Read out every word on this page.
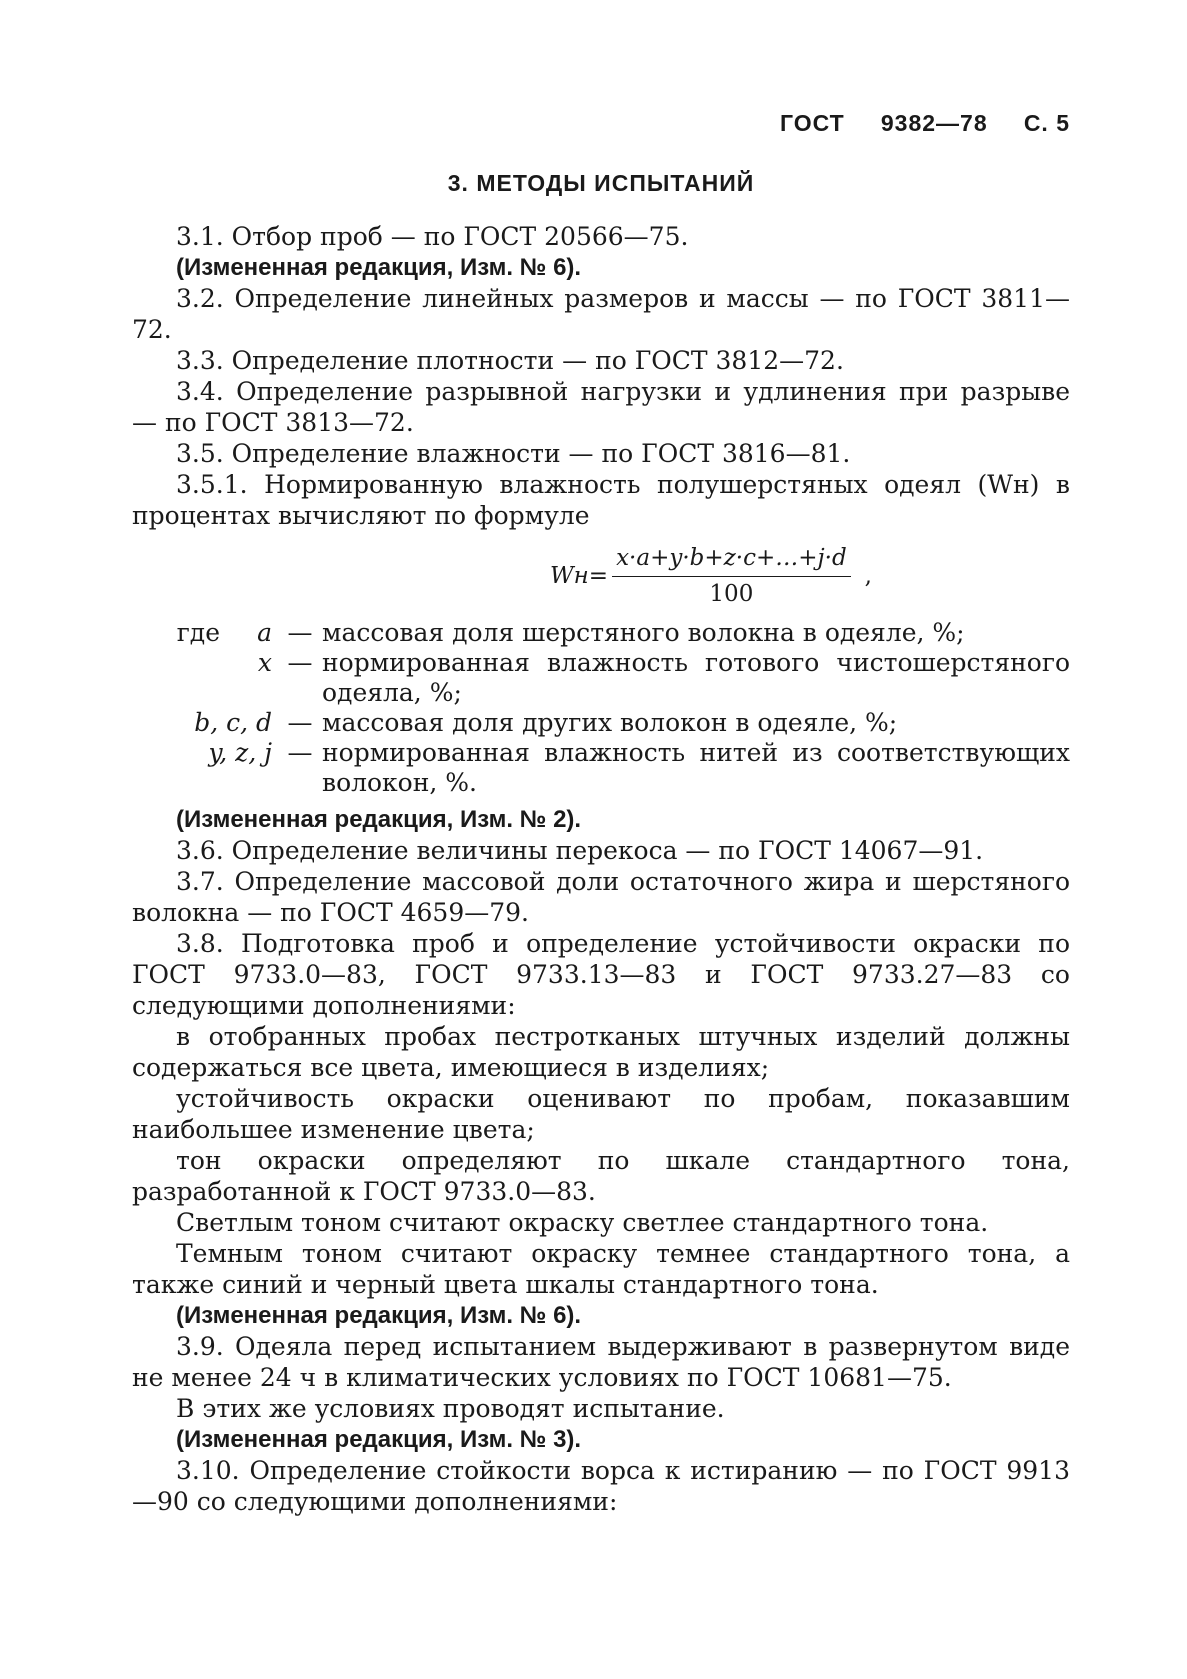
ГОСТ 9382—78 С. 5
3. МЕТОДЫ ИСПЫТАНИЙ

3.1. Отбор проб — по ГОСТ 20566—75.

(Измененная редакция, Изм. № 6).

3.2. Определение линейных размеров и массы — по ГОСТ 3811—72.

3.3. Определение плотности — по ГОСТ 3812—72.

3.4. Определение разрывной нагрузки и удлинения при разрыве — по ГОСТ 3813—72.

3.5. Определение влажности — по ГОСТ 3816—81.

3.5.1. Нормированную влажность полушерстяных одеял (Wн) в процентах вычисляют по формуле

$Wн= \frac{x\cdot a+y\cdot b+z\cdot c+\dots+j\cdot d}{100}$ ,
где	a	—	массовая доля шерстяного волокна в одеяле, %;
	x	—	нормированная влажность готового чистошерстяного одеяла, %;
b, c, d		—	массовая доля других волокон в одеяле, %;
y, z, j		—	нормированная влажность нитей из соответствующих волокон, %.

(Измененная редакция, Изм. № 2).

3.6. Определение величины перекоса — по ГОСТ 14067—91.

3.7. Определение массовой доли остаточного жира и шерстяного волокна — по ГОСТ 4659—79.

3.8. Подготовка проб и определение устойчивости окраски по ГОСТ 9733.0—83, ГОСТ 9733.13—83 и ГОСТ 9733.27—83 со следующими дополнениями:

в отобранных пробах пестротканых штучных изделий должны содержаться все цвета, имеющиеся в изделиях;

устойчивость окраски оценивают по пробам, показавшим наибольшее изменение цвета;

тон окраски определяют по шкале стандартного тона, разработанной к ГОСТ 9733.0—83.

Светлым тоном считают окраску светлее стандартного тона.

Темным тоном считают окраску темнее стандартного тона, а также синий и черный цвета шкалы стандартного тона.

(Измененная редакция, Изм. № 6).

3.9. Одеяла перед испытанием выдерживают в развернутом виде не менее 24 ч в климатических условиях по ГОСТ 10681—75.

В этих же условиях проводят испытание.

(Измененная редакция, Изм. № 3).

3.10. Определение стойкости ворса к истиранию — по ГОСТ 9913—90 со следующими дополнениями:
